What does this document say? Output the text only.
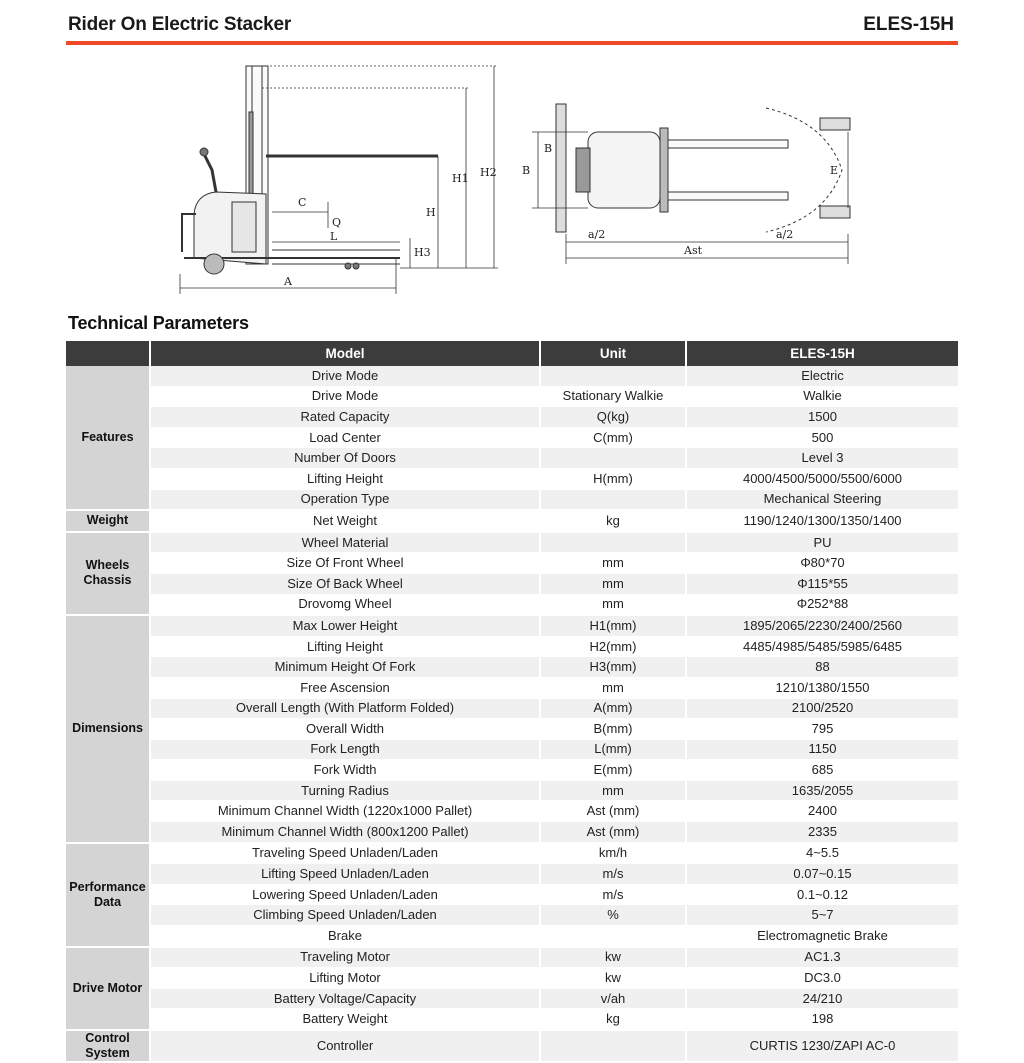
Rider On Electric Stacker	ELES-15H
A
C
Q
L
H
H1 H2
H3
B
a/2
Ast
a/2
E
B
Technical Parameters
	Model	Unit	ELES-15H
Features	Drive Mode		Electric
	Drive Mode	Stationary Walkie	Walkie
	Rated Capacity	Q(kg)	1500
	Load Center	C(mm)	500
	Number Of Doors		Level 3
	Lifting Height	H(mm)	4000/4500/5000/5500/6000
	Operation Type		Mechanical Steering
Weight	Net Weight	kg	1190/1240/1300/1350/1400
Wheels Chassis	Wheel Material		PU
	Size Of Front Wheel	mm	Φ80*70
	Size Of Back Wheel	mm	Φ115*55
	Drovomg Wheel	mm	Φ252*88
Dimensions	Max Lower Height	H1(mm)	1895/2065/2230/2400/2560
	Lifting Height	H2(mm)	4485/4985/5485/5985/6485
	Minimum Height Of Fork	H3(mm)	88
	Free Ascension	mm	1210/1380/1550
	Overall Length (With Platform Folded)	A(mm)	2100/2520
	Overall Width	B(mm)	795
	Fork Length	L(mm)	1150
	Fork Width	E(mm)	685
	Turning Radius	mm	1635/2055
	Minimum Channel Width (1220x1000 Pallet)	Ast (mm)	2400
	Minimum Channel Width (800x1200 Pallet)	Ast (mm)	2335
Performance Data	Traveling Speed Unladen/Laden	km/h	4~5.5
	Lifting Speed Unladen/Laden	m/s	0.07~0.15
	Lowering Speed Unladen/Laden	m/s	0.1~0.12
	Climbing Speed Unladen/Laden	%	5~7
	Brake		Electromagnetic Brake
Drive Motor	Traveling Motor	kw	AC1.3
	Lifting Motor	kw	DC3.0
	Battery Voltage/Capacity	v/ah	24/210
	Battery Weight	kg	198
Control System	Controller		CURTIS 1230/ZAPI AC-0
